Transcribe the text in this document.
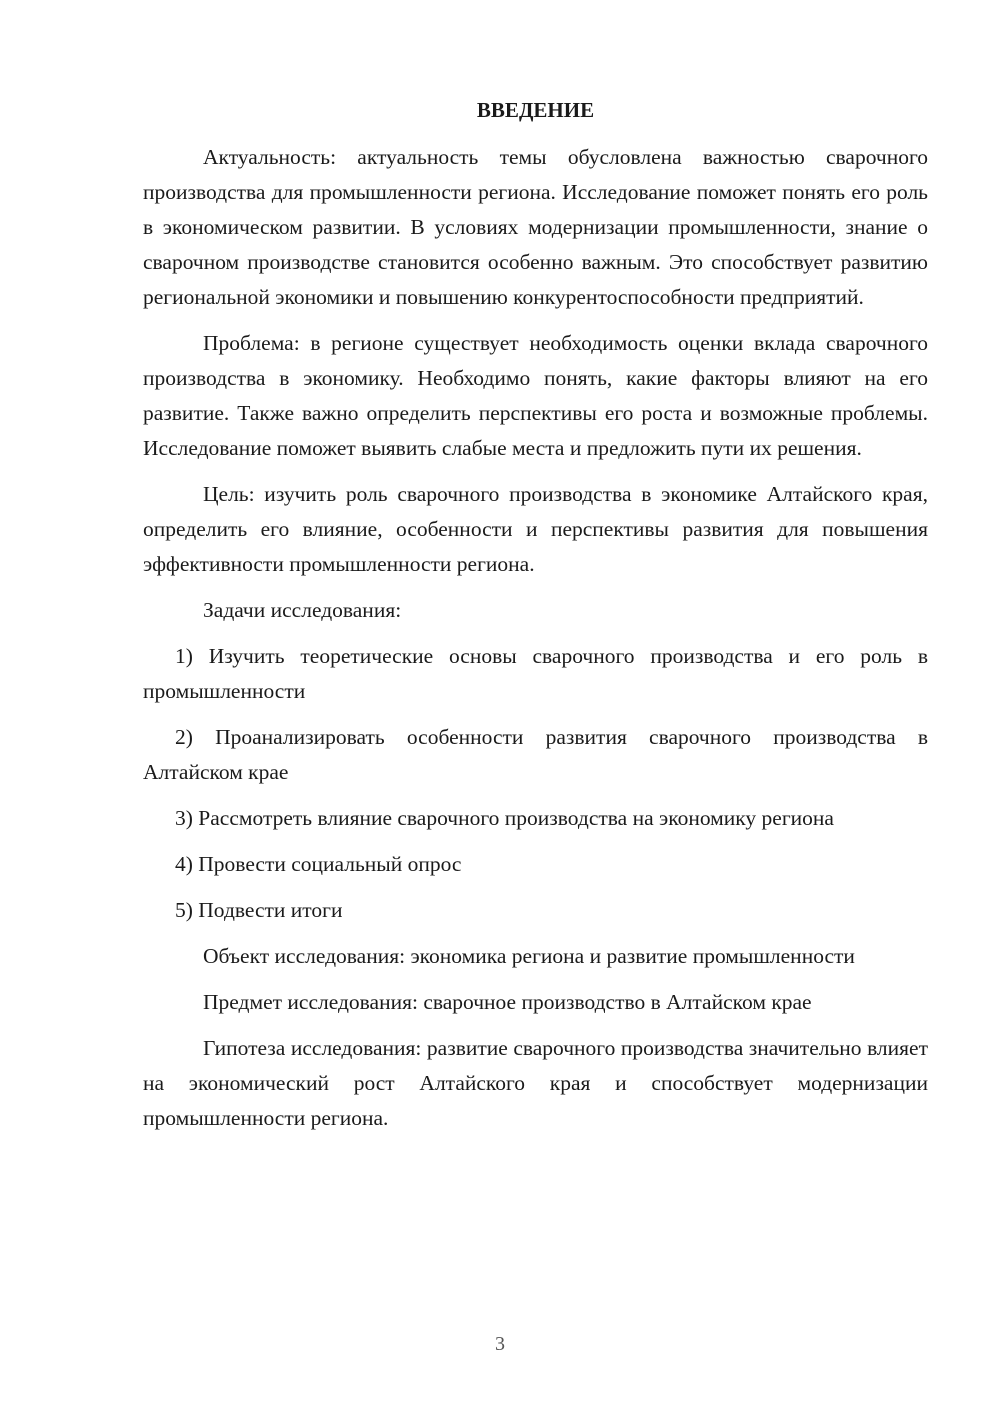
ВВЕДЕНИЕ

Актуальность: актуальность темы обусловлена важностью сварочного производства для промышленности региона. Исследование поможет понять его роль в экономическом развитии. В условиях модернизации промышленности, знание о сварочном производстве становится особенно важным. Это способствует развитию региональной экономики и повышению конкурентоспособности предприятий.

Проблема: в регионе существует необходимость оценки вклада сварочного производства в экономику. Необходимо понять, какие факторы влияют на его развитие. Также важно определить перспективы его роста и возможные проблемы. Исследование поможет выявить слабые места и предложить пути их решения.

Цель: изучить роль сварочного производства в экономике Алтайского края, определить его влияние, особенности и перспективы развития для повышения эффективности промышленности региона.

Задачи исследования:

1) Изучить теоретические основы сварочного производства и его роль в промышленности

2) Проанализировать особенности развития сварочного производства в Алтайском крае

3) Рассмотреть влияние сварочного производства на экономику региона

4) Провести социальный опрос

5) Подвести итоги

Объект исследования: экономика региона и развитие промышленности

Предмет исследования: сварочное производство в Алтайском крае

Гипотеза исследования: развитие сварочного производства значительно влияет на экономический рост Алтайского края и способствует модернизации промышленности региона.

3
